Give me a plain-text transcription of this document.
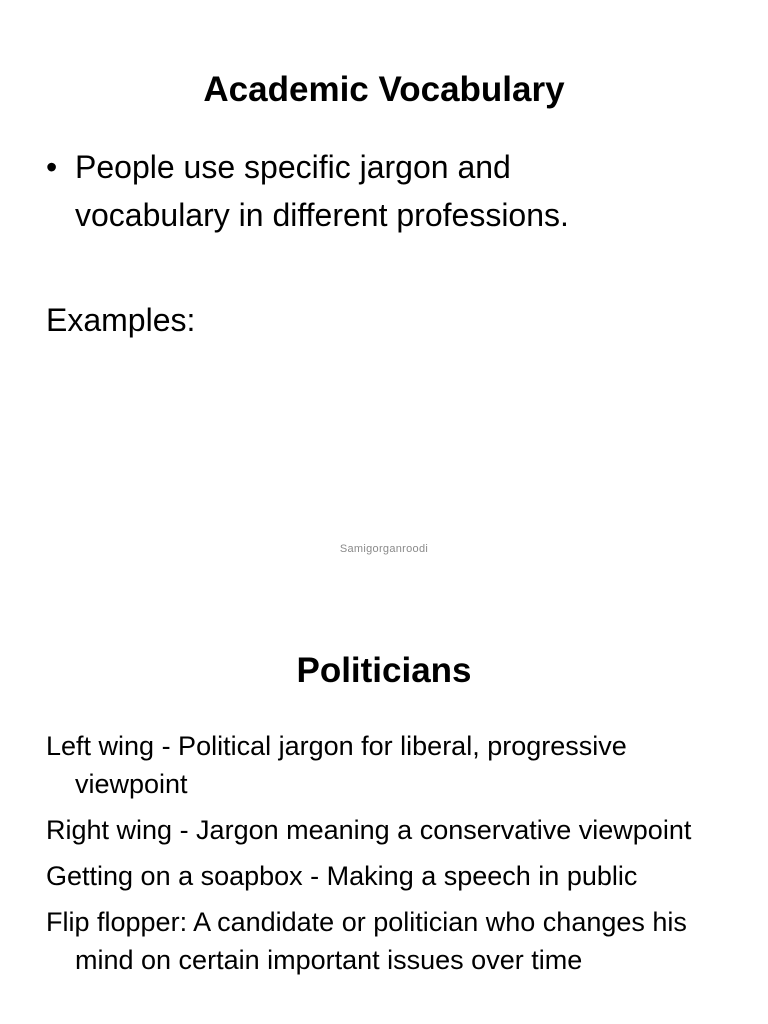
Academic Vocabulary
• People use specific jargon and
vocabulary in different professions.

Examples:

Samigorganroodi
Politicians
Left wing - Political jargon for liberal, progressive viewpoint
Right wing - Jargon meaning a conservative viewpoint
Getting on a soapbox - Making a speech in public
Flip flopper: A candidate or politician who changes his mind on certain important issues over time
